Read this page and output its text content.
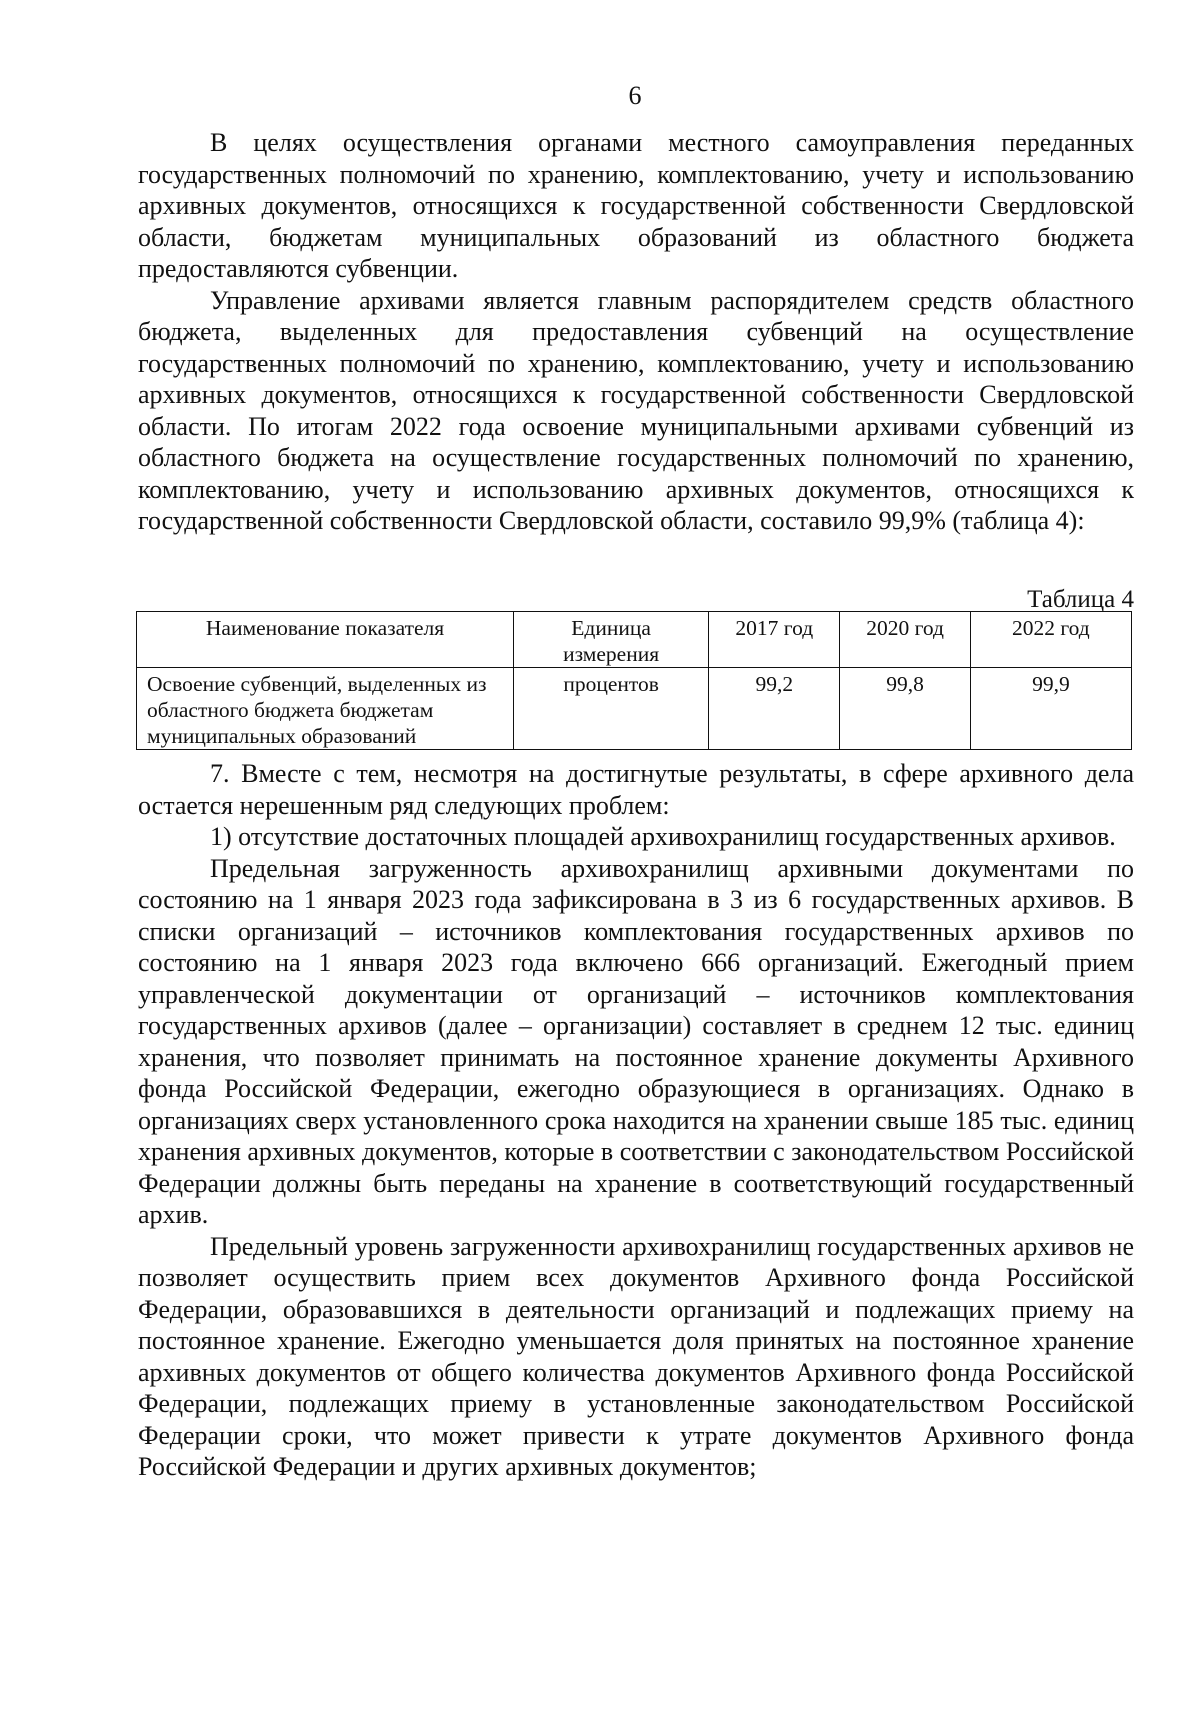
6

В целях осуществления органами местного самоуправления переданных государственных полномочий по хранению, комплектованию, учету и использованию архивных документов, относящихся к государственной собственности Свердловской области, бюджетам муниципальных образований из областного бюджета предоставляются субвенции.

Управление архивами является главным распорядителем средств областного бюджета, выделенных для предоставления субвенций на осуществление государственных полномочий по хранению, комплектованию, учету и использованию архивных документов, относящихся к государственной собственности Свердловской области. По итогам 2022 года освоение муниципальными архивами субвенций из областного бюджета на осуществление государственных полномочий по хранению, комплектованию, учету и использованию архивных документов, относящихся к государственной собственности Свердловской области, составило 99,9% (таблица 4):

Таблица 4
Наименование показателя	Единица измерения	2017 год	2020 год	2022 год
Освоение субвенций, выделенных из областного бюджета бюджетам муниципальных образований	процентов	99,2	99,8	99,9

7. Вместе с тем, несмотря на достигнутые результаты, в сфере архивного дела остается нерешенным ряд следующих проблем:

1) отсутствие достаточных площадей архивохранилищ государственных архивов.

Предельная загруженность архивохранилищ архивными документами по состоянию на 1 января 2023 года зафиксирована в 3 из 6 государственных архивов. В списки организаций – источников комплектования государственных архивов по состоянию на 1 января 2023 года включено 666 организаций. Ежегодный прием управленческой документации от организаций – источников комплектования государственных архивов (далее – организации) составляет в среднем 12 тыс. единиц хранения, что позволяет принимать на постоянное хранение документы Архивного фонда Российской Федерации, ежегодно образующиеся в организациях. Однако в организациях сверх установленного срока находится на хранении свыше 185 тыс. единиц хранения архивных документов, которые в соответствии с законодательством Российской Федерации должны быть переданы на хранение в соответствующий государственный архив.

Предельный уровень загруженности архивохранилищ государственных архивов не позволяет осуществить прием всех документов Архивного фонда Российской Федерации, образовавшихся в деятельности организаций и подлежащих приему на постоянное хранение. Ежегодно уменьшается доля принятых на постоянное хранение архивных документов от общего количества документов Архивного фонда Российской Федерации, подлежащих приему в установленные законодательством Российской Федерации сроки, что может привести к утрате документов Архивного фонда Российской Федерации и других архивных документов;
